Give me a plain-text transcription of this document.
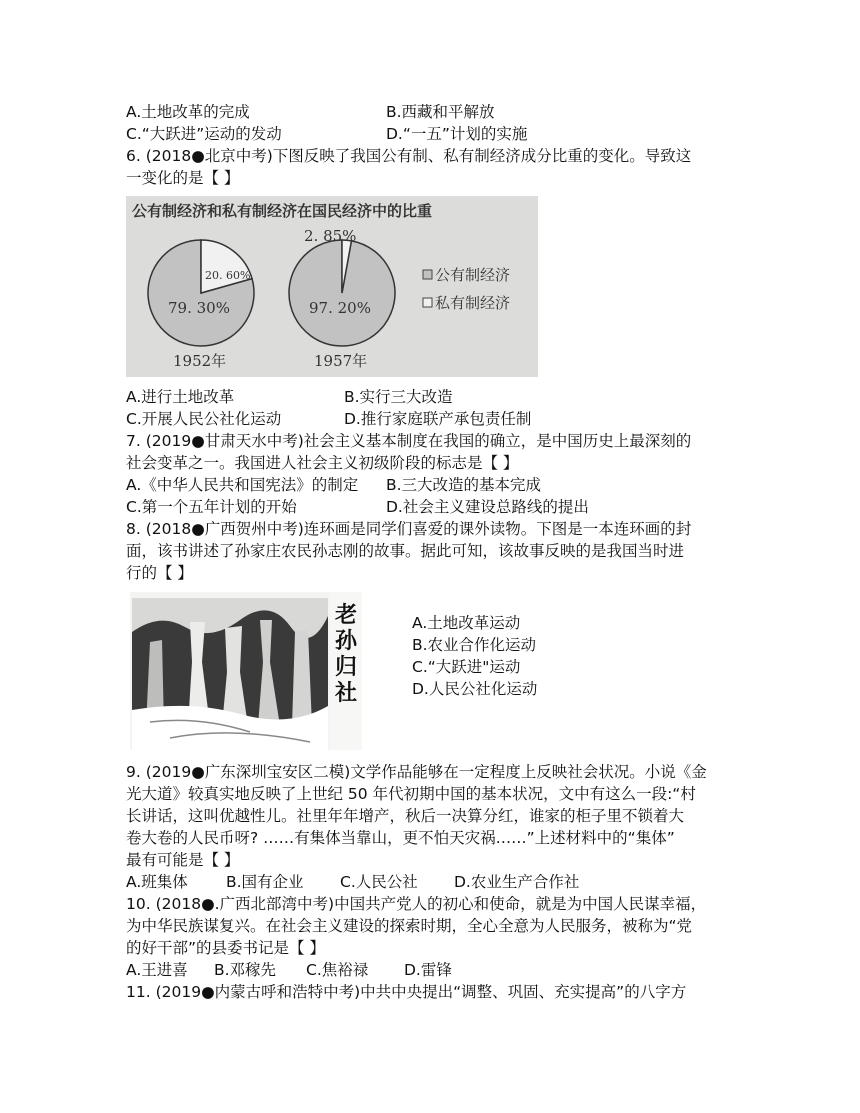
A.土地改革的完成	B.西藏和平解放
C.“大跃进”运动的发动	D.“一五”计划的实施
6. (2018●北京中考)下图反映了我国公有制、私有制经济成分比重的变化。导致这
一变化的是【 】
公有制经济和私有制经济在国民经济中的比重
79. 30%
20. 60%
1952年
97. 20%
2. 85%
1957年
公有制经济
私有制经济
A.进行土地改革	B.实行三大改造
C.开展人民公社化运动	D.推行家庭联产承包责任制
7. (2019●甘肃天水中考)社会主义基本制度在我国的确立，是中国历史上最深刻的
社会变革之一。我国进人社会主义初级阶段的标志是【 】
A.《中华人民共和国宪法》的制定 B.三大改造的基本完成
C.第一个五年计划的开始	D.社会主义建设总路线的提出
8. (2018●广西贺州中考)连环画是同学们喜爱的课外读物。下图是一本连环画的封
面，该书讲述了孙家庄农民孙志刚的故事。据此可知，该故事反映的是我国当时进
行的【 】
老
孙
归
社
A.土地改革运动
B.农业合作化运动
C.“大跃进"运动
D.人民公社化运动
9. (2019●广东深圳宝安区二模)文学作品能够在一定程度上反映社会状况。小说《金
光大道》较真实地反映了上世纪 50 年代初期中国的基本状况，文中有这么一段:“村
长讲话，这叫优越性儿。社里年年增产，秋后一决算分红，谁家的柜子里不锁着大
卷大卷的人民币呀? ……有集体当靠山，更不怕天灾祸……”上述材料中的“集体”
最有可能是【 】
A.班集体 B.国有企业 C.人民公社 D.农业生产合作社
10. (2018●.广西北部湾中考)中国共产党人的初心和使命，就是为中国人民谋幸福，
为中华民族谋复兴。在社会主义建设的探索时期，全心全意为人民服务，被称为“党
的好干部”的县委书记是【 】
A.王进喜 B.邓稼先 C.焦裕禄 D.雷锋
11. (2019●内蒙古呼和浩特中考)中共中央提出“调整、巩固、充实提高”的八字方
